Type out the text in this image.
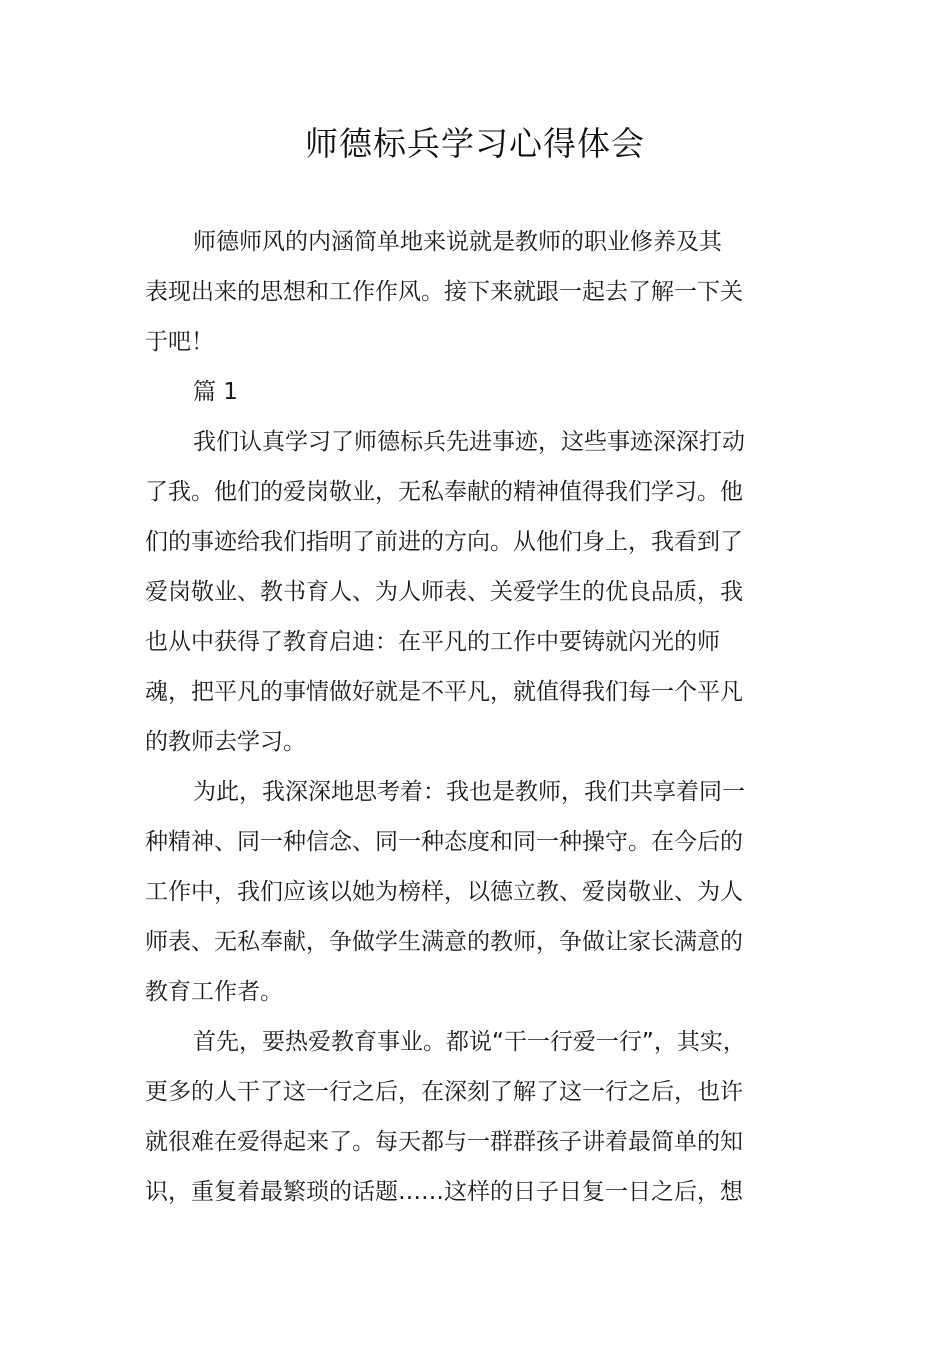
师德标兵学习心得体会
师德师风的内涵简单地来说就是教师的职业修养及其
表现出来的思想和工作作风。接下来就跟一起去了解一下关
于吧！
篇 1
我们认真学习了师德标兵先进事迹，这些事迹深深打动
了我。他们的爱岗敬业，无私奉献的精神值得我们学习。他
们的事迹给我们指明了前进的方向。从他们身上，我看到了
爱岗敬业、教书育人、为人师表、关爱学生的优良品质，我
也从中获得了教育启迪：在平凡的工作中要铸就闪光的师
魂，把平凡的事情做好就是不平凡，就值得我们每一个平凡
的教师去学习。
为此，我深深地思考着：我也是教师，我们共享着同一
种精神、同一种信念、同一种态度和同一种操守。在今后的
工作中，我们应该以她为榜样，以德立教、爱岗敬业、为人
师表、无私奉献，争做学生满意的教师，争做让家长满意的
教育工作者。
首先，要热爱教育事业。都说“干一行爱一行”，其实，
更多的人干了这一行之后，在深刻了解了这一行之后，也许
就很难在爱得起来了。每天都与一群群孩子讲着最简单的知
识，重复着最繁琐的话题……这样的日子日复一日之后，想
